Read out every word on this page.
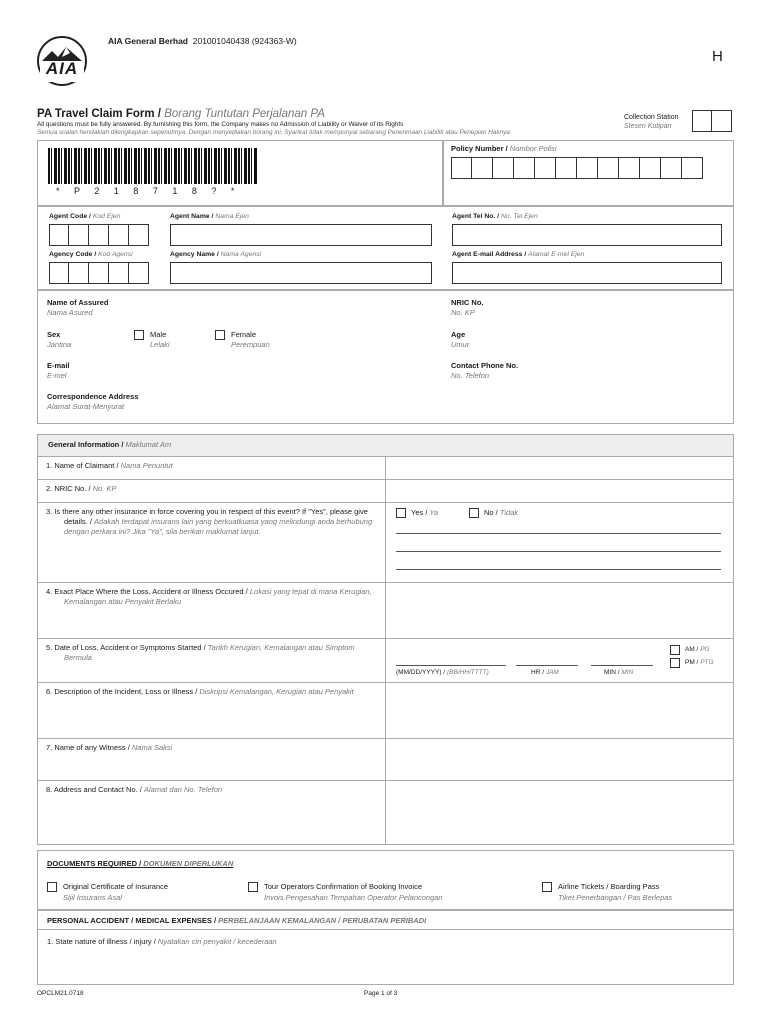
AIA
AIA General Berhad 201001040438 (924363-W)
H
PA Travel Claim Form / Borang Tuntutan Perjalanan PA
All questions must be fully answered. By furnishing this form, the Company makes no Admission of Liability or Waiver of its Rights
Semua soalan hendaklah dilengkapkan sepenuhnya. Dengan menyediakan borang ini, Syarikat tidak mempunyai sebarang Penerimaan Liabiliti atau Penepian Haknya
Collection Station
Stesen Kutipan
* P 2 1 8 7 1 8 ? *
Policy Number / Nombor Polisi
Agent Code / Kod Ejen	Agent Name / Nama Ejen	Agent Tel No. / No. Tel Ejen
Agency Code / Kod Agensi	Agency Name / Nama Agensi	Agent E-mail Address / Alamat E-mel Ejen
Name of Assured
Nama Asured
NRIC No.
No. KP
Sex
Jantina
Male
Lelaki
Female
Perempuan
Age
Umur
E-mail
E-mel
Contact Phone No.
No. Telefon
Correspondence Address
Alamat Surat-Menyurat
General Information / Maklumat Am	
1. Name of Claimant / Nama Penuntut	
2. NRIC No. / No. KP	
3. Is there any other insurance in force covering you in respect of this event? If "Yes", please give details. / Adakah terdapat insurans lain yang berkuatkuasa yang melindungi anda berhubung dengan perkara ini? Jika "Ya", sila berikan maklumat lanjut.	Yes / Ya No / Tidak

4. Exact Place Where the Loss, Accident or Illness Occured / Lokasi yang tepat di mana Kerugian, Kemalangan atau Penyakit Berlaku	
5. Date of Loss, Accident or Symptoms Started / Tarikh Kerugian, Kemalangan atau Simptom Bermula	(MM/DD/YYYY) / (BB/HH/TTTT) HR / JAM MIN / MIN
AM / PG
PM / PTG

6. Description of the Incident, Loss or Illness / Diskripsi Kemalangan, Kerugian atau Penyakit	
7. Name of any Witness / Nama Saksi	
8. Address and Contact No. / Alamat dan No. Telefon	
DOCUMENTS REQUIRED / DOKUMEN DIPERLUKAN
Original Certificate of Insurance
Sijil Insurans Asal
Tour Operators Confirmation of Booking Invoice
Invois Pengesahan Tempahan Operator Pelancongan
Airline Tickets / Boarding Pass
Tiket Penerbangan / Pas Berlepas
PERSONAL ACCIDENT / MEDICAL EXPENSES / PERBELANJAAN KEMALANGAN / PERUBATAN PERIBADI
1. State nature of illness / injury / Nyatakan ciri penyakit / kecederaan
OPCLM21.0718	Page 1 of 3
